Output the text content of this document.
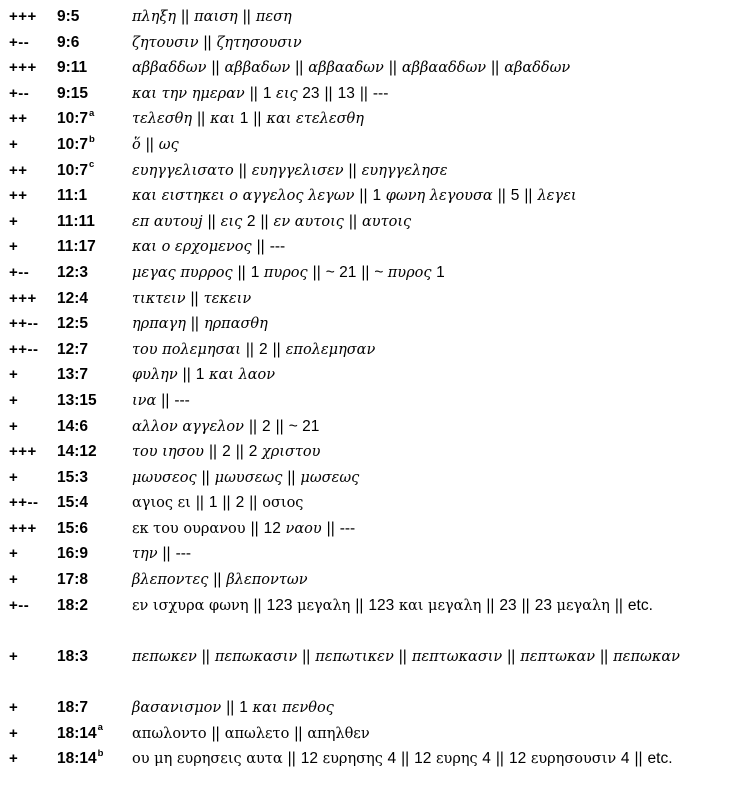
+++ 9:5	πληξη || παιση || πεση
+-- 9:6	ζητουσιν || ζητησουσιν
+++ 9:11	αββαδδων || αββαδων || αββααδων || αββααδδων || αβαδδων
+-- 9:15	και την ημεραν || 1 εις 23 || 13 || ---
++ $10:7^a$	τελεσθη || και 1 || και ετελεσθη
+ $10:7^b$	ὅ || ως
++ $10:7^c$	ευηγγελισατο || ευηγγελισεν || ευηγγελησε
++ 11:1	και ειστηκει ο αγγελος λεγων || 1 φωνη λεγουσα || 5 || λεγει
+ 11:11	επ αυτουj || εις 2 || εν αυτοις || αυτοις
+ 11:17 και ο ερχομενος || ---
+-- 12:3	μεγας πυρρος || 1 πυρος || ~ 21 || ~ πυρος 1
+++ 12:4	τικτειν || τεκειν
++-- 12:5	ηρπαγη || ηρπασθη
++-- 12:7	του πολεμησαι || 2 || επολεμησαν
+ 13:7	φυλην || 1 και λαον
+ 13:15 ινα || ---
+ 14:6	αλλον αγγελον || 2 || ~ 21
+++ 14:12 του ιησου || 2 || 2 χριστου
+ 15:3	μωυσεος || μωυσεως || μωσεως
++-- 15:4	αγιος ει || 1 || 2 || οσιος
+++ 15:6	εκ του ουρανου || 12 ναου || ---
+ 16:9	την || ---
+ 17:8	βλεποντες || βλεποντων
+-- 18:2	εν ισχυρα φωνη || 123 μεγαλη || 123 και μεγαλη || 23 || 23 μεγαλη || etc.
+ 18:3	πεπωκεν || πεπωκασιν || πεπωτικεν || πεπτωκασιν || πεπτωκαν || πεπωκαν
+ 18:7	βασανισμον || 1 και πενθος
+ $18:14^a$ απωλοντο || απωλετο || απηλθεν
+ $18:14^b$ ου μη ευρησεις αυτα || 12 ευρησης 4 || 12 ευρης 4 || 12 ευρησουσιν 4 || etc.
